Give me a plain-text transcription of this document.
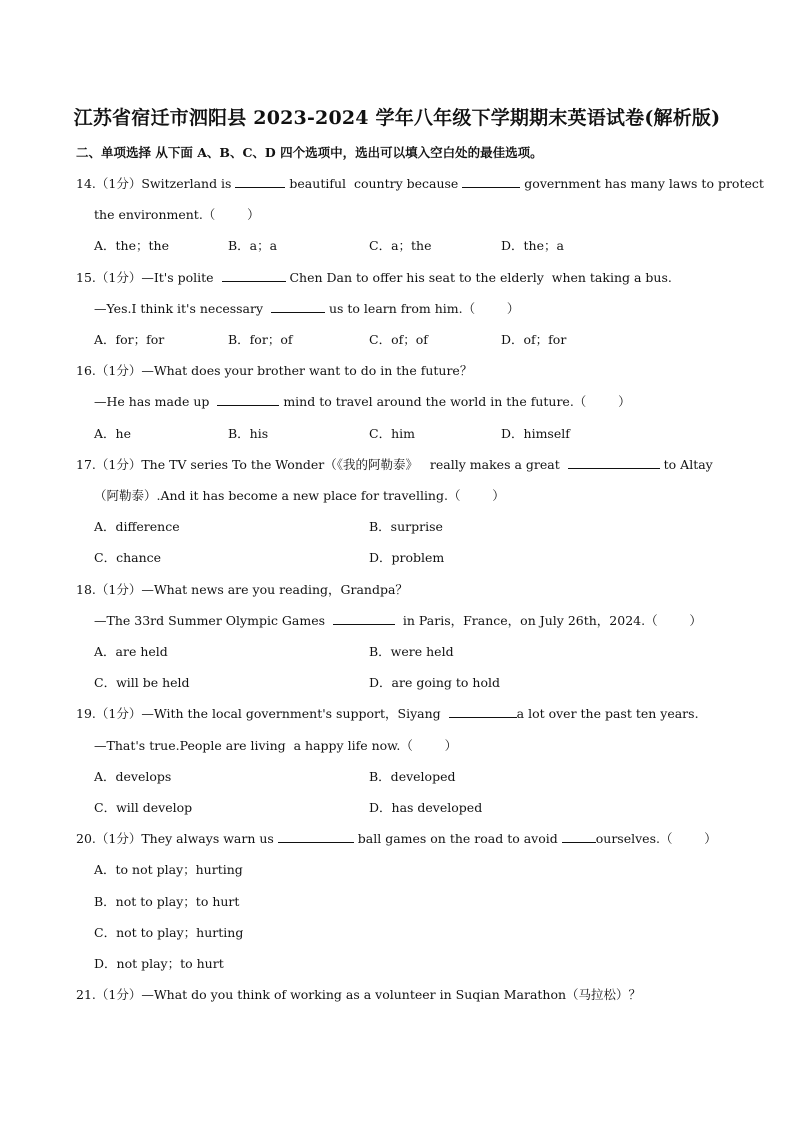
江苏省宿迁市泗阳县 2023-2024 学年八年级下学期期末英语试卷(解析版)
二、单项选择 从下面 A、B、C、D 四个选项中，选出可以填入空白处的最佳选项。
14.（1分）Switzerland is	beautiful  country because	government has many laws to protect
the environment.（        ）
A．the；the	B．a；a	C．a；the	D．the；a
15.（1分）—It's polite	Chen Dan to offer his seat to the elderly  when taking a bus.
—Yes.I think it's necessary	us to learn from him.（        ）
A．for；for	B．for；of	C．of；of	D．of；for
16.（1分）—What does your brother want to do in the future？
—He has made up	mind to travel around the world in the future.（        ）
A．he	B．his	C．him	D．himself
17.（1分）The TV series To the Wonder（《我的阿勒泰》   really makes a great	to Altay
（阿勒泰）.And it has become a new place for travelling.（        ）
A．difference	B．surprise
C．chance	D．problem
18.（1分）—What news are you reading，Grandpa？
—The 33rd Summer Olympic Games	in Paris，France，on July 26th，2024.（        ）
A．are held	B．were held
C．will be held	D．are going to hold
19.（1分）—With the local government's support，Siyang	a lot over the past ten years.
—That's true.People are living  a happy life now.（        ）
A．develops	B．developed
C．will develop	D．has developed
20.（1分）They always warn us	ball games on the road to avoid	ourselves.（        ）
A．to not play；hurting
B．not to play；to hurt
C．not to play；hurting
D．not play；to hurt
21.（1分）—What do you think of working as a volunteer in Suqian Marathon（马拉松）？
